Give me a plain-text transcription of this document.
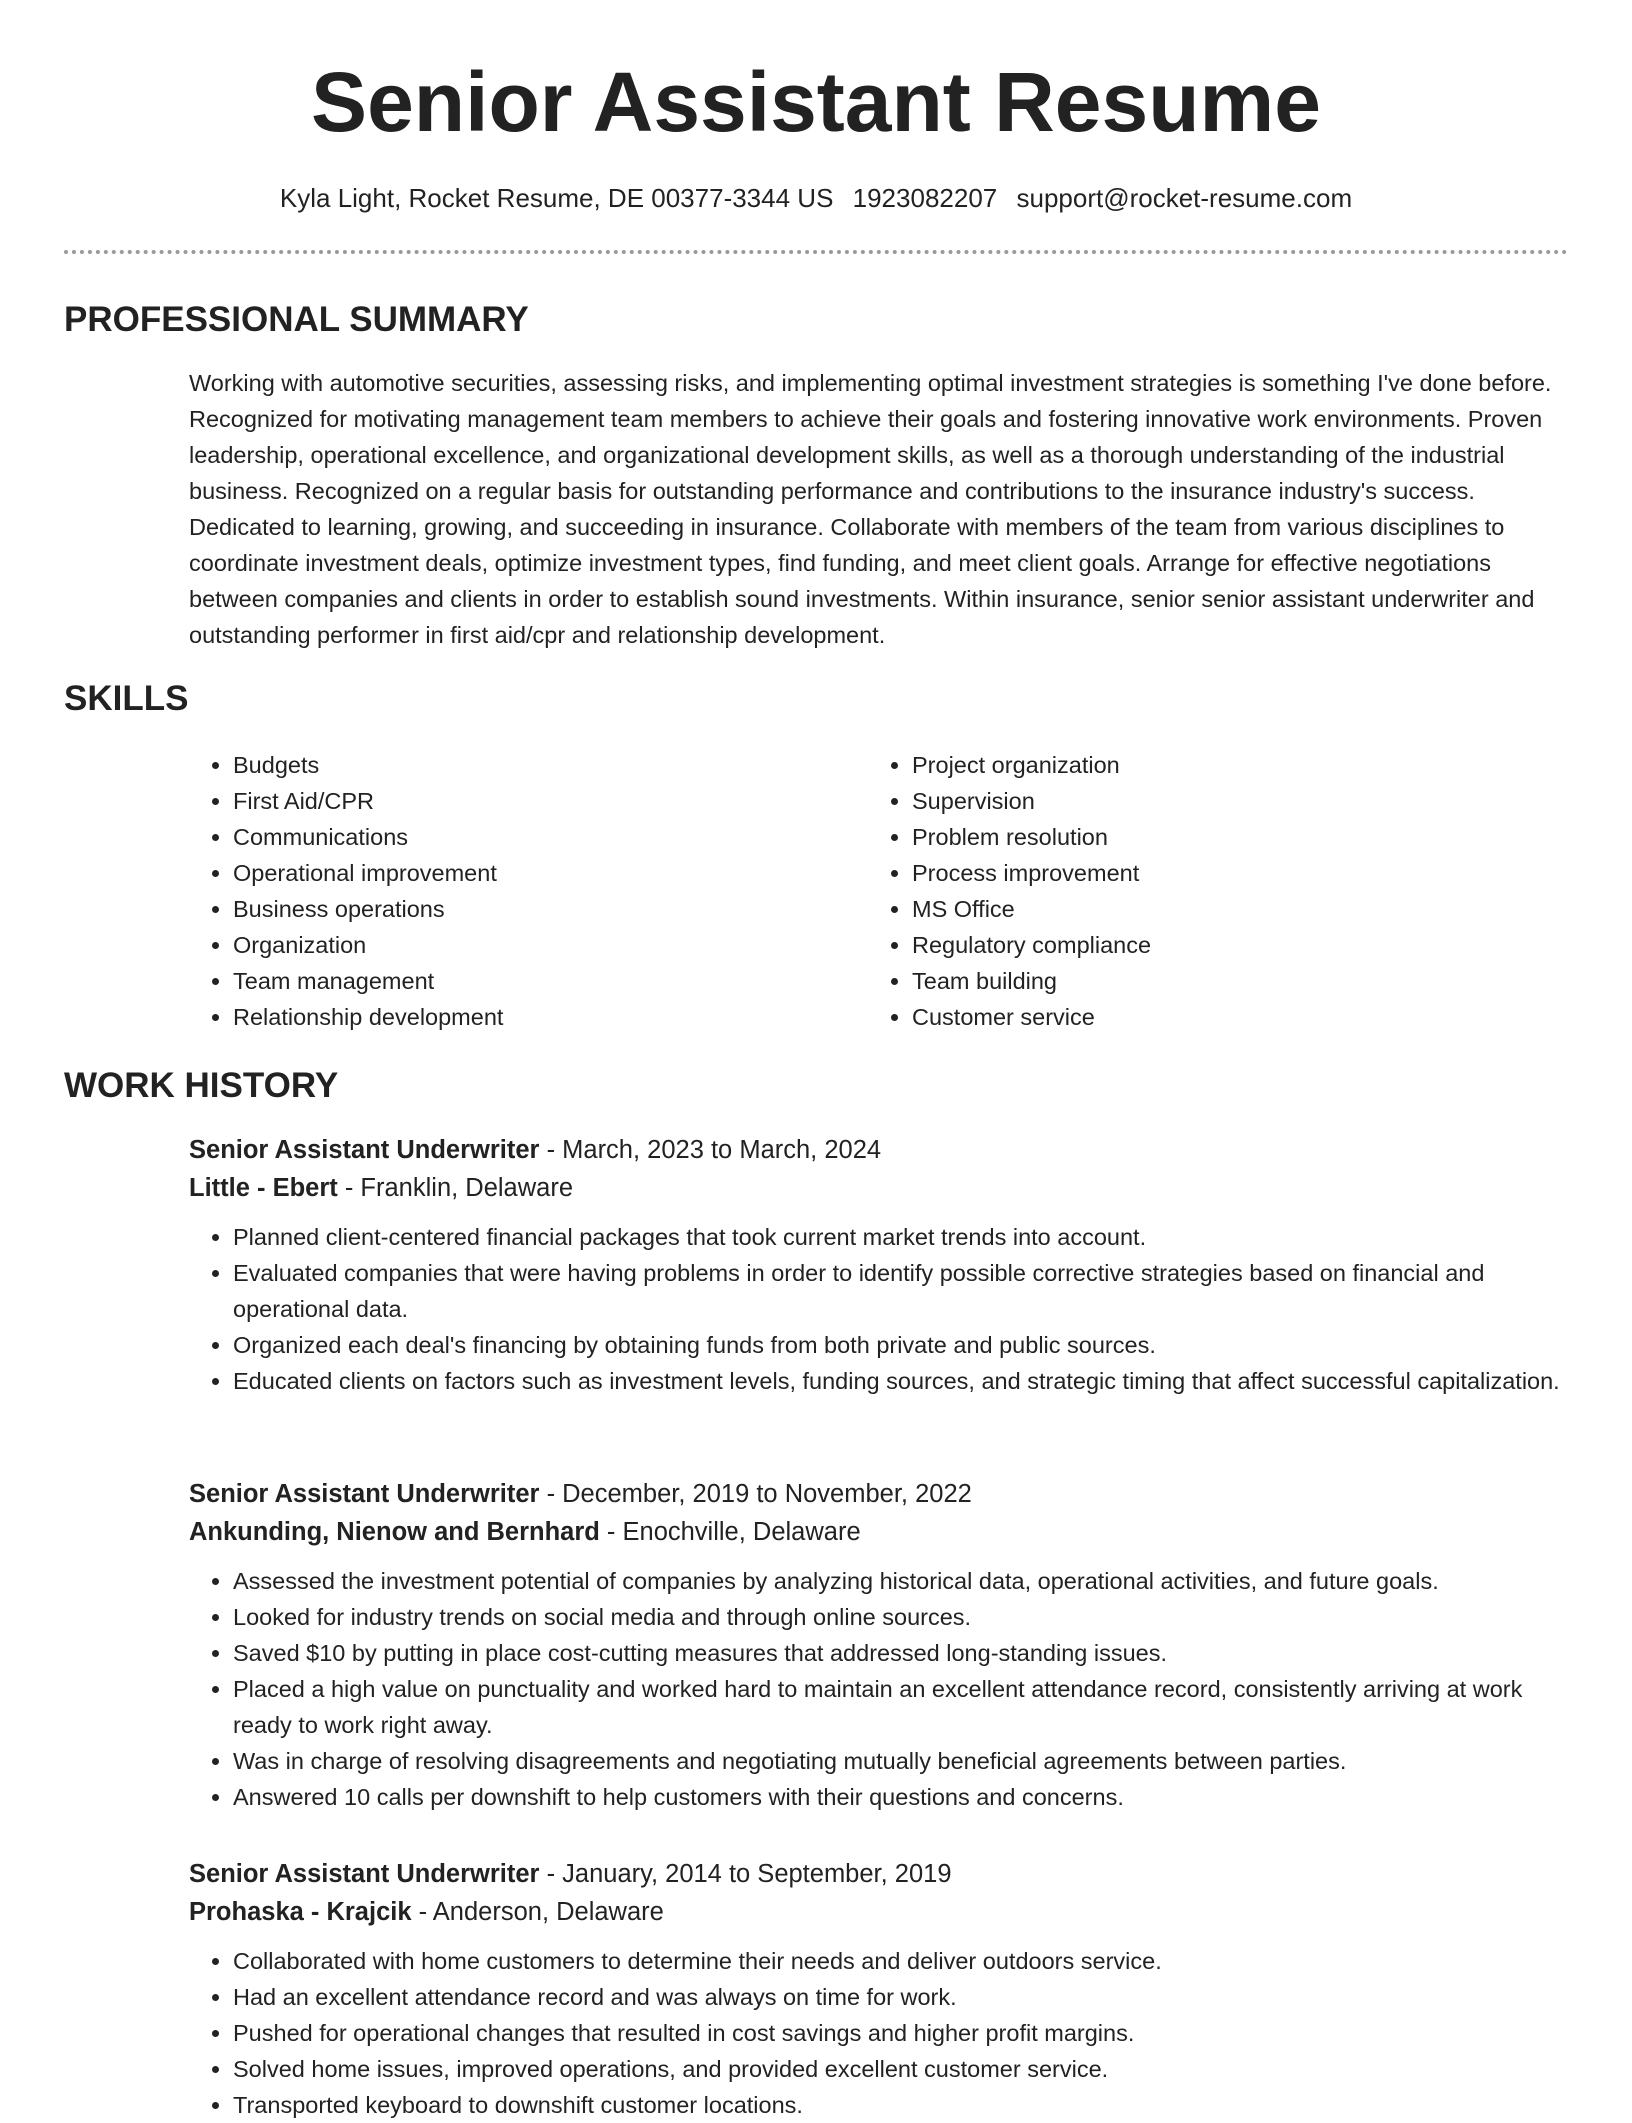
Senior Assistant Resume
Kyla Light, Rocket Resume, DE 00377-3344 US 1923082207 support@rocket-resume.com
PROFESSIONAL SUMMARY

Working with automotive securities, assessing risks, and implementing optimal investment strategies is something I've done before. Recognized for motivating management team members to achieve their goals and fostering innovative work environments. Proven leadership, operational excellence, and organizational development skills, as well as a thorough understanding of the industrial business. Recognized on a regular basis for outstanding performance and contributions to the insurance industry's success. Dedicated to learning, growing, and succeeding in insurance. Collaborate with members of the team from various disciplines to coordinate investment deals, optimize investment types, find funding, and meet client goals. Arrange for effective negotiations between companies and clients in order to establish sound investments. Within insurance, senior senior assistant underwriter and outstanding performer in first aid/cpr and relationship development.

SKILLS
• Budgets
• First Aid/CPR
• Communications
• Operational improvement
• Business operations
• Organization
• Team management
• Relationship development
• Project organization
• Supervision
• Problem resolution
• Process improvement
• MS Office
• Regulatory compliance
• Team building
• Customer service
WORK HISTORY
Senior Assistant Underwriter - March, 2023 to March, 2024
Little - Ebert - Franklin, Delaware
• Planned client-centered financial packages that took current market trends into account.
• Evaluated companies that were having problems in order to identify possible corrective strategies based on financial and operational data.
• Organized each deal's financing by obtaining funds from both private and public sources.
• Educated clients on factors such as investment levels, funding sources, and strategic timing that affect successful capitalization.
Senior Assistant Underwriter - December, 2019 to November, 2022
Ankunding, Nienow and Bernhard - Enochville, Delaware
• Assessed the investment potential of companies by analyzing historical data, operational activities, and future goals.
• Looked for industry trends on social media and through online sources.
• Saved $10 by putting in place cost-cutting measures that addressed long-standing issues.
• Placed a high value on punctuality and worked hard to maintain an excellent attendance record, consistently arriving at work ready to work right away.
• Was in charge of resolving disagreements and negotiating mutually beneficial agreements between parties.
• Answered 10 calls per downshift to help customers with their questions and concerns.
Senior Assistant Underwriter - January, 2014 to September, 2019
Prohaska - Krajcik - Anderson, Delaware
• Collaborated with home customers to determine their needs and deliver outdoors service.
• Had an excellent attendance record and was always on time for work.
• Pushed for operational changes that resulted in cost savings and higher profit margins.
• Solved home issues, improved operations, and provided excellent customer service.
• Transported keyboard to downshift customer locations.
